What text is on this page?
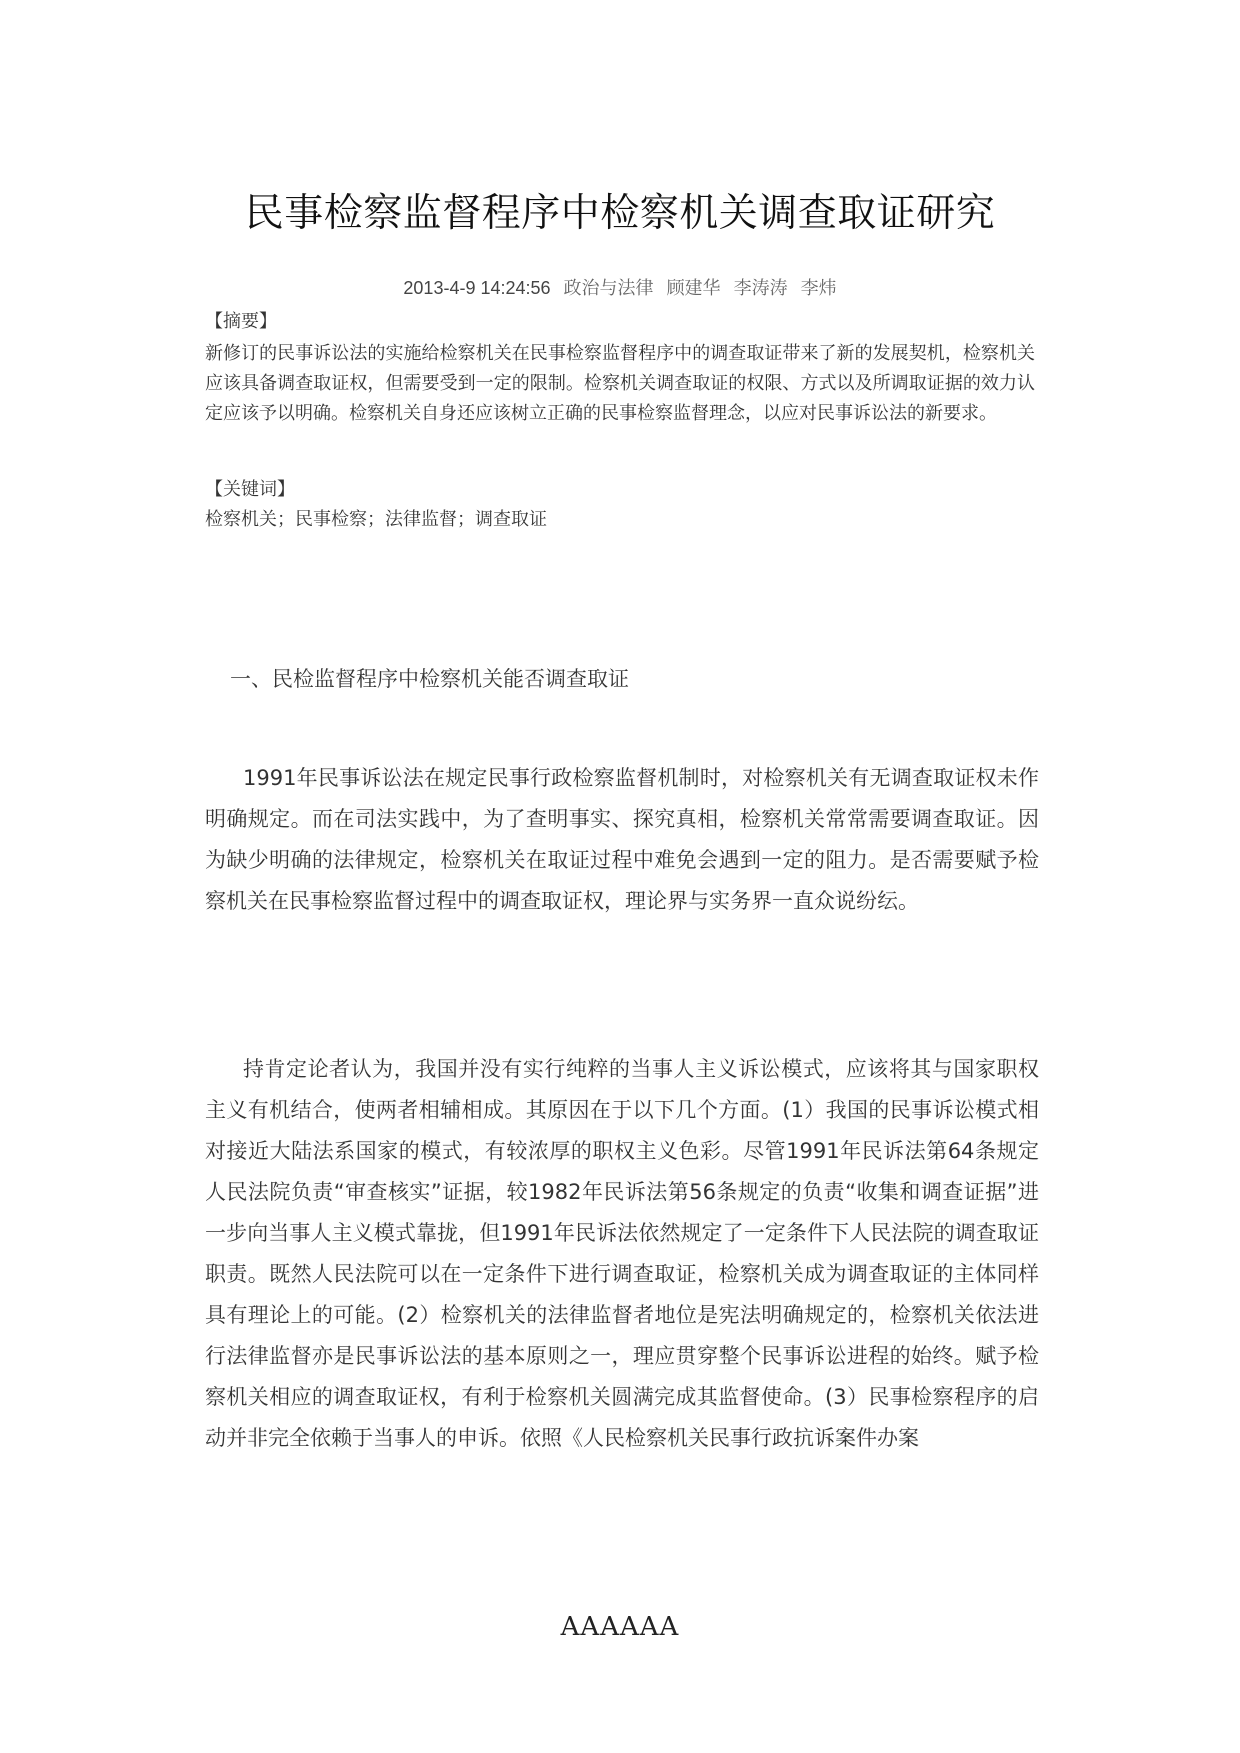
民事检察监督程序中检察机关调查取证研究
2013-4-9 14:24:56 政治与法律 顾建华 李涛涛 李炜
【摘要】
新修订的民事诉讼法的实施给检察机关在民事检察监督程序中的调查取证带来了新的发展契机，检察机关应该具备调查取证权，但需要受到一定的限制。检察机关调查取证的权限、方式以及所调取证据的效力认定应该予以明确。检察机关自身还应该树立正确的民事检察监督理念，以应对民事诉讼法的新要求。
【关键词】
检察机关；民事检察；法律监督；调查取证
一、民检监督程序中检察机关能否调查取证

1991年民事诉讼法在规定民事行政检察监督机制时，对检察机关有无调查取证权未作明确规定。而在司法实践中，为了查明事实、探究真相，检察机关常常需要调查取证。因为缺少明确的法律规定，检察机关在取证过程中难免会遇到一定的阻力。是否需要赋予检察机关在民事检察监督过程中的调查取证权，理论界与实务界一直众说纷纭。

持肯定论者认为，我国并没有实行纯粹的当事人主义诉讼模式，应该将其与国家职权主义有机结合，使两者相辅相成。其原因在于以下几个方面。(1）我国的民事诉讼模式相对接近大陆法系国家的模式，有较浓厚的职权主义色彩。尽管1991年民诉法第64条规定人民法院负责“审查核实”证据，较1982年民诉法第56条规定的负责“收集和调查证据”进一步向当事人主义模式靠拢，但1991年民诉法依然规定了一定条件下人民法院的调查取证职责。既然人民法院可以在一定条件下进行调查取证，检察机关成为调查取证的主体同样具有理论上的可能。(2）检察机关的法律监督者地位是宪法明确规定的，检察机关依法进行法律监督亦是民事诉讼法的基本原则之一，理应贯穿整个民事诉讼进程的始终。赋予检察机关相应的调查取证权，有利于检察机关圆满完成其监督使命。(3）民事检察程序的启动并非完全依赖于当事人的申诉。依照《人民检察机关民事行政抗诉案件办案

AAAAAA
